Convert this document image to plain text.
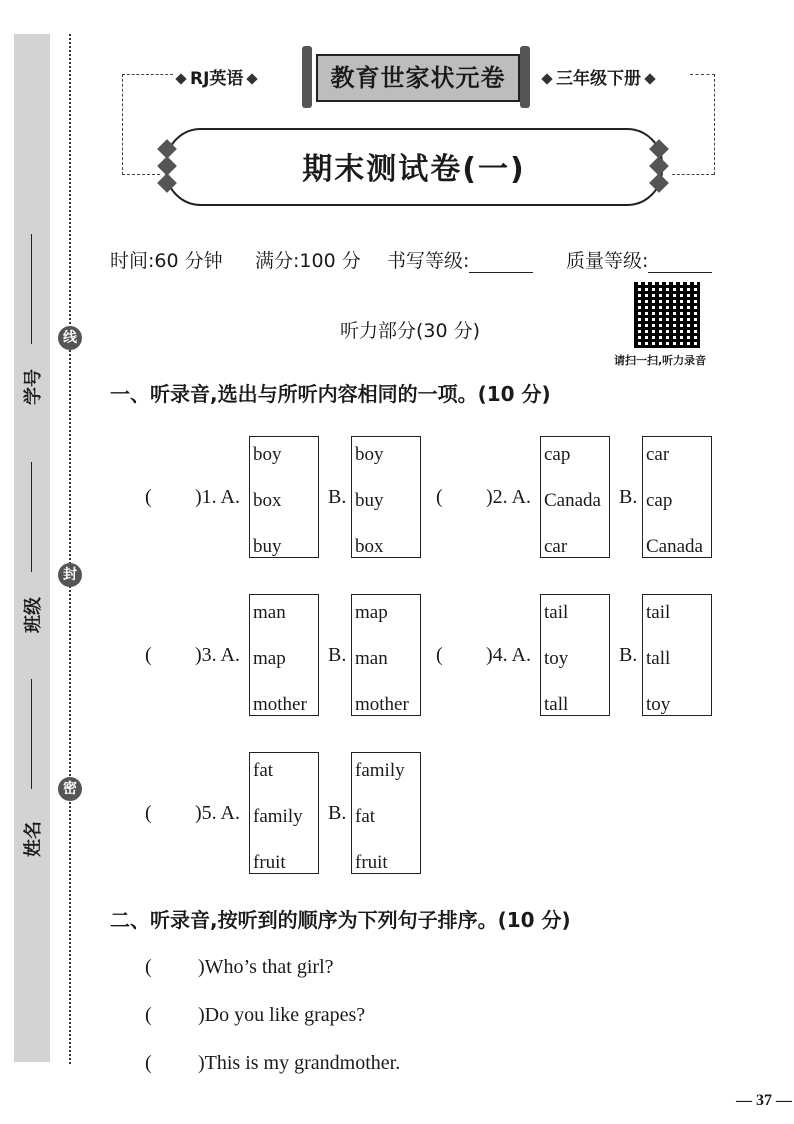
学号
班级
姓名
线
封
密
RJ英语	教育世家状元卷	三年级下册
期末测试卷(一)
时间:60 分钟 满分:100 分 书写等级:	质量等级:
听力部分(30 分)
请扫一扫,听力录音
一、听录音,选出与所听内容相同的一项。(10 分)
( )1. A.
boy
box
buy
B.
boy
buy
box
( )2. A.
cap
Canada
car
B.
car
cap
Canada
( )3. A.
man
map
mother
B.
map
man
mother
( )4. A.
tail
toy
tall
B.
tail
tall
toy
( )5. A.
fat
family
fruit
B.
family
fat
fruit
二、听录音,按听到的顺序为下列句子排序。(10 分)
( )Who’s that girl?
( )Do you like grapes?
( )This is my grandmother.
— 37 —
